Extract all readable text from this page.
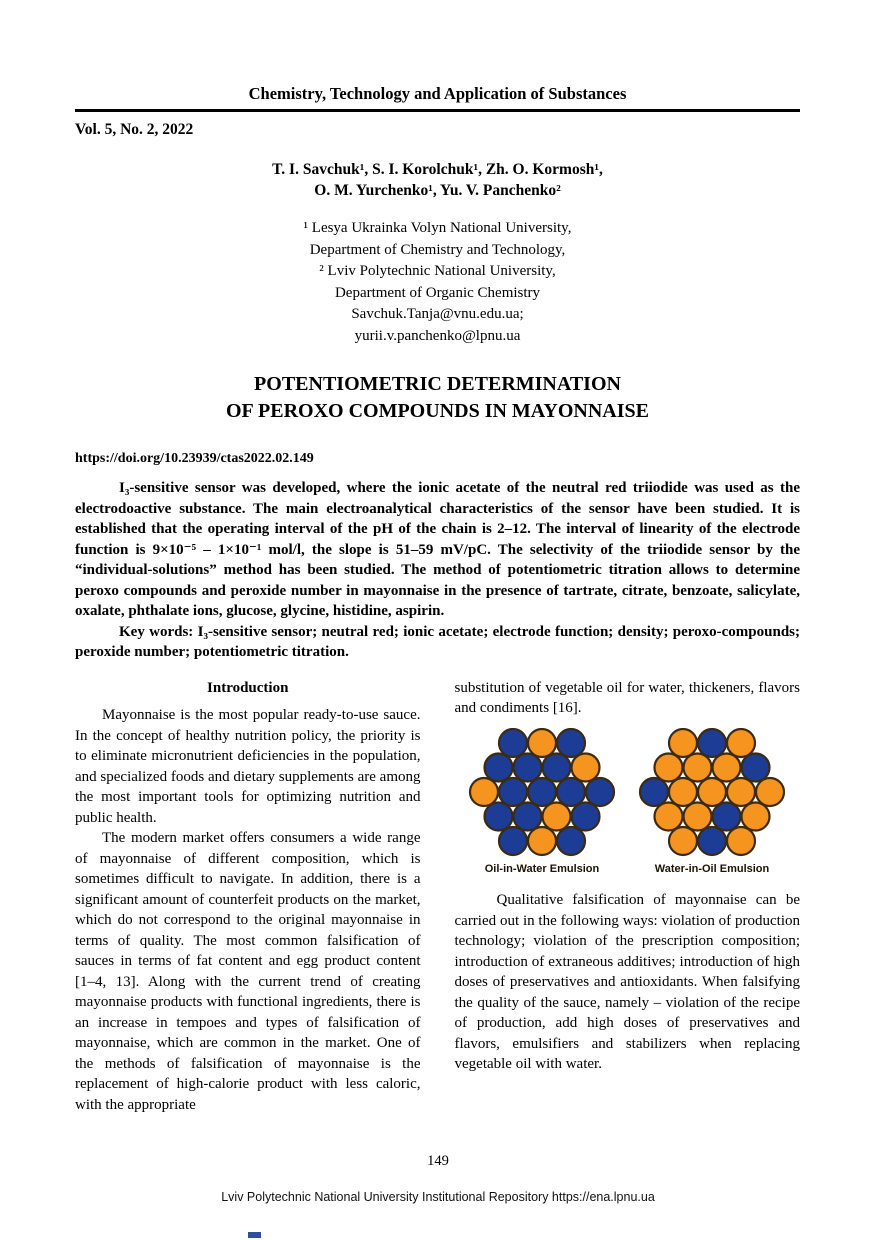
Chemistry, Technology and Application of Substances
Vol. 5, No. 2, 2022
T. I. Savchuk¹, S. I. Korolchuk¹, Zh. O. Kormosh¹,
O. M. Yurchenko¹, Yu. V. Panchenko²
¹ Lesya Ukrainka Volyn National University,
Department of Chemistry and Technology,
² Lviv Polytechnic National University,
Department of Organic Chemistry
Savchuk.Tanja@vnu.edu.ua;
yurii.v.panchenko@lpnu.ua
POTENTIOMETRIC DETERMINATION
OF PEROXO COMPOUNDS IN MAYONNAISE
https://doi.org/10.23939/ctas2022.02.149

I₃-sensitive sensor was developed, where the ionic acetate of the neutral red triiodide was used as the electrodoactive substance. The main electroanalytical characteristics of the sensor have been studied. It is established that the operating interval of the pH of the chain is 2–12. The interval of linearity of the electrode function is 9×10⁻⁵ – 1×10⁻¹ mol/l, the slope is 51–59 mV/pC. The selectivity of the triiodide sensor by the “individual-solutions” method has been studied. The method of potentiometric titration allows to determine peroxo compounds and peroxide number in mayonnaise in the presence of tartrate, citrate, benzoate, salicylate, oxalate, phthalate ions, glucose, glycine, histidine, aspirin.

Key words: I₃-sensitive sensor; neutral red; ionic acetate; electrode function; density; peroxo-compounds; peroxide number; potentiometric titration.

Introduction

Mayonnaise is the most popular ready-to-use sauce. In the concept of healthy nutrition policy, the priority is to eliminate micronutrient deficiencies in the population, and specialized foods and dietary supplements are among the most important tools for optimizing nutrition and public health.

The modern market offers consumers a wide range of mayonnaise of different composition, which is sometimes difficult to navigate. In addition, there is a significant amount of counterfeit products on the market, which do not correspond to the original mayonnaise in terms of quality. The most common falsification of sauces in terms of fat content and egg product content [1–4, 13]. Along with the current trend of creating mayonnaise products with functional ingredients, there is an increase in tempoes and types of falsification of mayonnaise, which are common in the market. One of the methods of falsification of mayonnaise is the replacement of high-calorie product with less caloric, with the appropriate

substitution of vegetable oil for water, thickeners, flavors and condiments [16].

Oil-in-Water Emulsion	Water-in-Oil Emulsion

Qualitative falsification of mayonnaise can be carried out in the following ways: violation of production technology; violation of the prescription composition; introduction of extraneous additives; introduction of high doses of preservatives and antioxidants. When falsifying the quality of the sauce, namely – violation of the recipe of production, add high doses of preservatives and flavors, emulsifiers and stabilizers when replacing vegetable oil with water.

149
Lviv Polytechnic National University Institutional Repository https://ena.lpnu.ua
